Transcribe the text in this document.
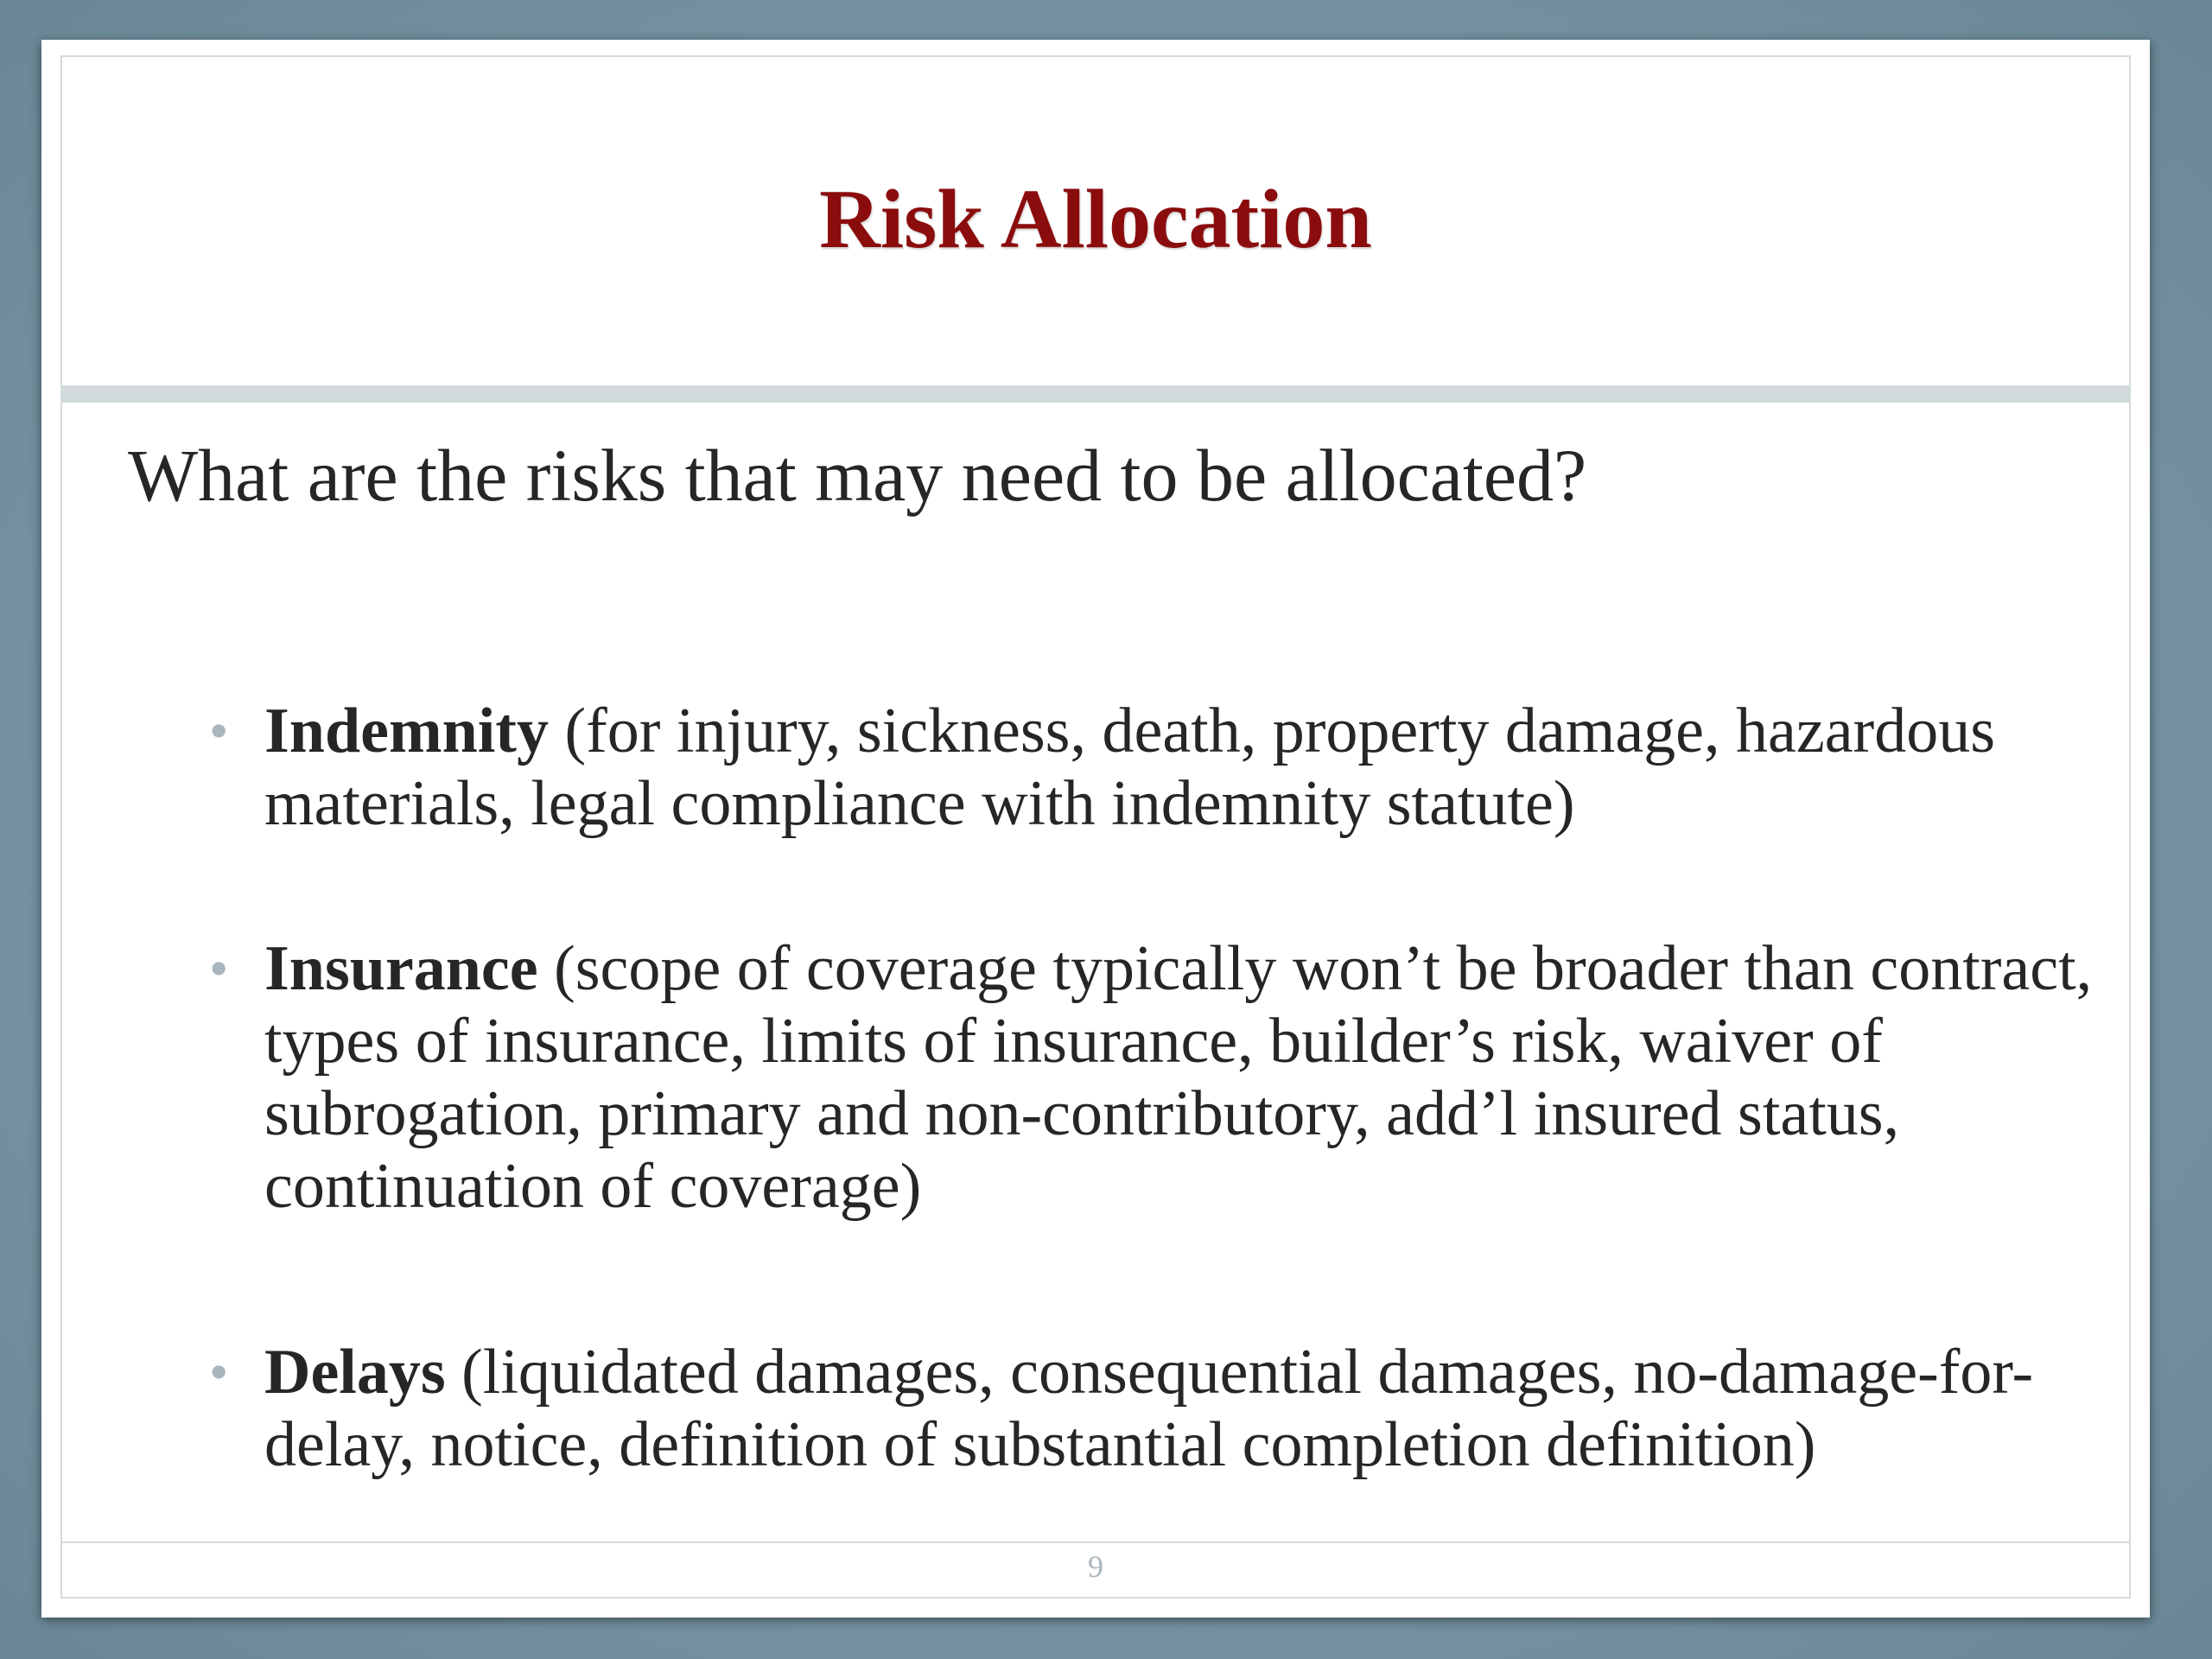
Risk Allocation

What are the risks that may need to be allocated?

• Indemnity (for injury, sickness, death, property damage, hazardous materials, legal compliance with indemnity statute)

• Insurance (scope of coverage typically won’t be broader than contract, types of insurance, limits of insurance, builder’s risk, waiver of subrogation, primary and non-contributory, add’l insured status, continuation of coverage)

• Delays (liquidated damages, consequential damages, no-damage-for-delay, notice, definition of substantial completion definition)

9
